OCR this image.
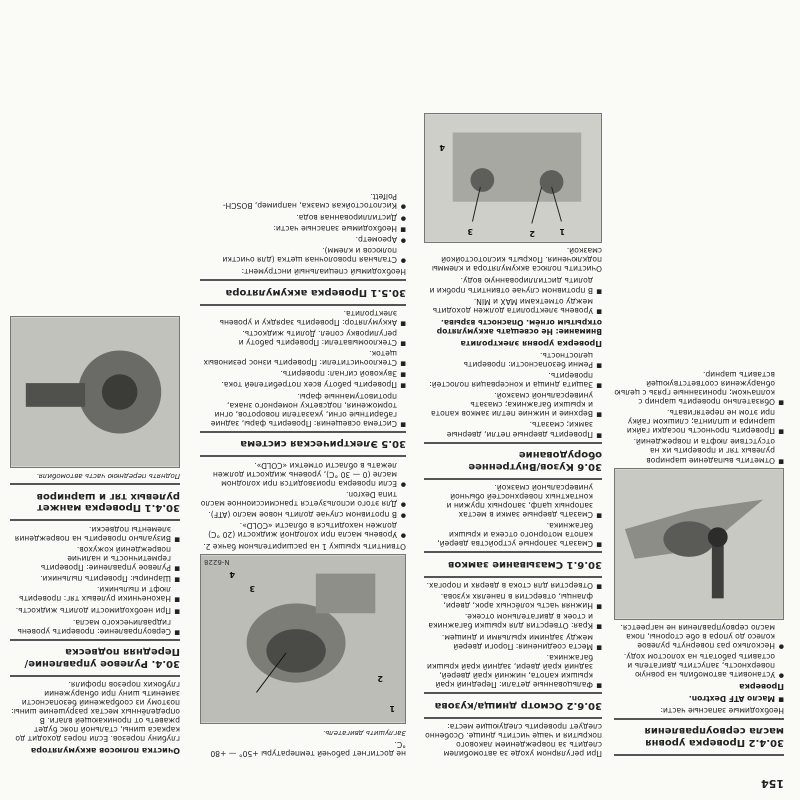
154
30.4.2 Проверка уровня масла сервоуправления

Необходимые запасные части:

■ Масло ATF Dextron.
Проверка
● Установить автомобиль на ровную поверхность, запустить двигатель и оставить работать на холостом ходу.
● Несколько раз повернуть рулевое колесо до упора в обе стороны, пока масло сервоуправления не нагреется.
■ Отметить выпадение шарниров рулевых тяг и проверить их на отсутствие люфта и повреждений.
■ Проверить прочность посадки гайки шарнира и шплинта; слишком гайку при этом не перетягивать.
■ Обязательно проверить шарнир с колпачком; пронизанные грязь с целью обнаружения соответствующей вставить шарнир.

При регулярном уходе за автомобилем следить за повреждением лакового покрытия и чаще чистить днище. Особенно следует проверить следующие места:

30.6.2 Осмотр днища/кузова
■ Фальцованные детали: Передний край крышки капота, нижний край дверей, задний край двери, задний край крышки багажника.
■ Места соединения: Пороги дверей между задними крыльями и днищем.
■ Края: Отверстия для крышки багажника и стоек в двигательном отсеке.
■ Нижняя часть колёсных арок, двери, фланцы, отверстия в панелях кузова.
■ Отверстия для стока в дверях и порогах.
30.6.1 Смазывание замков
■ Смазать запорные устройства дверей, капота моторного отсека и крышки багажника.
■ Смазать дверные замки в местах запорных цапф, запорных пружин и контактных поверхностей обычной универсальной смазкой.
30.6 Кузов/Внутреннее оборудование
■ Проверить дверные петли, дверные замки; смазать.
■ Верхние и нижние петли замков капота и крышки багажника; смазать универсальной смазкой.
■ Защита днища и консервация полостей: проверить.
■ Ремни безопасности: проверить целостность.
Проверка уровня электролита

Внимание: Не освещать аккумулятор открытым огнём. Опасность взрыва.

■ Уровень электролита должен доходить между отметками MAX и MIN.
■ В противном случае отвинтить пробки и долить дистиллированную воду.

Очистить полюса аккумулятора и клеммы подключения. Покрыть кислотостойкой смазкой.

1
2
3
4

не достигнет рабочей температуры +50° — +80 °C.

Заглушить двигатель.
1
2
3
4
N-6228

Отвинтить крышку 1 на расширительном бачке 2.

● Уровень масла при холодной жидкости (20 °C) должен находиться в области «COLD».
● В противном случае долить новое масло (ATF).
● Для этого используется трансмиссионное масло типа Dexron.
● Если проверка производится при холодном масле (0 — 30 °C), уровень жидкости должен лежать в области отметки «COLD».
30.5 Электрическая система
■ Система освещения: Проверить фары, задние габаритные огни, указатели поворотов, огни торможения, подсветку номерного знака, противотуманные фары.
■ Проверить работу всех потребителей тока.
■ Звуковой сигнал: проверить.
■ Стеклоочистители: Проверить износ резиновых щеток.
■ Стеклоомыватели: Проверить работу и регулировку сопел. Долить жидкость.
■ Аккумулятор: Проверить зарядку и уровень электролита.
30.5.1 Проверка аккумулятора

Необходимый специальный инструмент:

● Стальная проволочная щетка (для очистки полюсов и клемм).
● Ареометр.
■ Необходимые запасные части:
● Дистиллированная вода.
● Кислотостойкая смазка, например, BOSCH-Polfett.
Очистка полюсов аккумулятора

глубину порезов. Если порез доходит до каркаса шины, стальной пояс будет ржаветь от проникающей влаги. В определённых местах разрушение шины: поэтому из соображений безопасности заменить шину при обнаружении глубоких порезов профиля.

30.4. Рулевое управление/Передняя подвеска
■ Сервоуправление: проверить уровень гидравлического масла.
■ При необходимости долить жидкость.
■ Наконечники рулевых тяг: проверить люфт и пыльники.
■ Шарниры: Проверить пыльники.
■ Рулевое управление: Проверить герметичность и наличие повреждений кожухов.
■ Визуально проверить на повреждения элементы подвески.
30.4.1 Проверка манжет рулевых тяг и шарниров
Поднять переднюю часть автомобиля.
